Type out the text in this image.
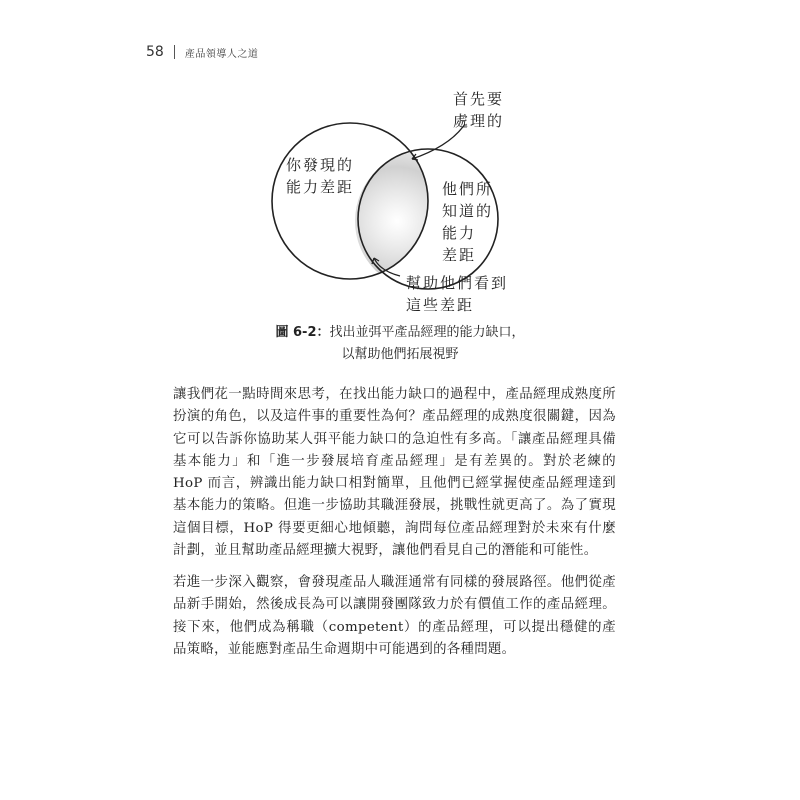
58 產品領導人之道
首先要
處理的
你發現的
能力差距	他們所
知道的
能力
差距
幫助他們看到
這些差距
圖 6-2：找出並弭平產品經理的能力缺口，
以幫助他們拓展視野

讓我們花一點時間來思考，在找出能力缺口的過程中，產品經理成熟度所扮演的角色，以及這件事的重要性為何？產品經理的成熟度很關鍵，因為它可以告訴你協助某人弭平能力缺口的急迫性有多高。「讓產品經理具備基本能力」和「進一步發展培育產品經理」是有差異的。對於老練的 HoP 而言，辨識出能力缺口相對簡單，且他們已經掌握使產品經理達到基本能力的策略。但進一步協助其職涯發展，挑戰性就更高了。為了實現這個目標，HoP 得要更細心地傾聽，詢問每位產品經理對於未來有什麼計劃，並且幫助產品經理擴大視野，讓他們看見自己的潛能和可能性。

若進一步深入觀察，會發現產品人職涯通常有同樣的發展路徑。他們從產品新手開始，然後成長為可以讓開發團隊致力於有價值工作的產品經理。接下來，他們成為稱職（competent）的產品經理，可以提出穩健的產品策略，並能應對產品生命週期中可能遇到的各種問題。
